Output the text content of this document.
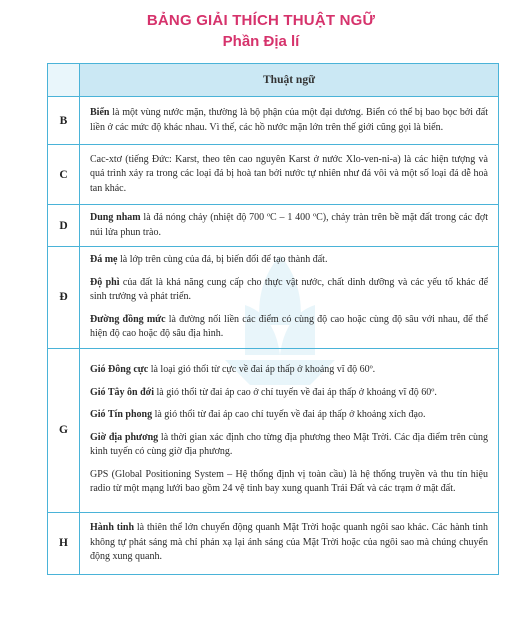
BẢNG GIẢI THÍCH THUẬT NGỮ
Phần Địa lí
	Thuật ngữ
B	Biển là một vùng nước mặn, thường là bộ phận của một đại dương. Biển có thể bị bao bọc bởi đất liền ở các mức độ khác nhau. Vì thế, các hồ nước mặn lớn trên thế giới cũng gọi là biển.

C	Cac-xtơ (tiếng Đức: Karst, theo tên cao nguyên Karst ở nước Xlo-ven-ni-a) là các hiện tượng và quá trình xảy ra trong các loại đá bị hoà tan bởi nước tự nhiên như đá vôi và một số loại đá dễ hoà tan khác.

D	Dung nham là đá nóng chảy (nhiệt độ 700 ºC – 1 400 ºC), chảy tràn trên bề mặt đất trong các đợt núi lửa phun trào.

Đ	Đá mẹ là lớp trên cùng của đá, bị biến đổi để tạo thành đất.
Độ phì của đất là khả năng cung cấp cho thực vật nước, chất dinh dưỡng và các yếu tố khác để sinh trưởng và phát triển.
Đường đồng mức là đường nối liền các điểm có cùng độ cao hoặc cùng độ sâu với nhau, để thể hiện độ cao hoặc độ sâu địa hình.

G	Gió Đông cực là loại gió thổi từ cực về đai áp thấp ở khoảng vĩ độ 60º.
Gió Tây ôn đới là gió thổi từ đai áp cao ở chí tuyến về đai áp thấp ở khoảng vĩ độ 60º.
Gió Tín phong là gió thổi từ đai áp cao chí tuyến về đai áp thấp ở khoảng xích đạo.
Giờ địa phương là thời gian xác định cho từng địa phương theo Mặt Trời. Các địa điểm trên cùng kinh tuyến có cùng giờ địa phương.
GPS (Global Positioning System – Hệ thống định vị toàn cầu) là hệ thống truyền và thu tín hiệu radio từ một mạng lưới bao gồm 24 vệ tinh bay xung quanh Trái Đất và các trạm ở mặt đất.

H	Hành tinh là thiên thể lớn chuyển động quanh Mặt Trời hoặc quanh ngôi sao khác. Các hành tinh không tự phát sáng mà chỉ phản xạ lại ánh sáng của Mặt Trời hoặc của ngôi sao mà chúng chuyển động xung quanh.
